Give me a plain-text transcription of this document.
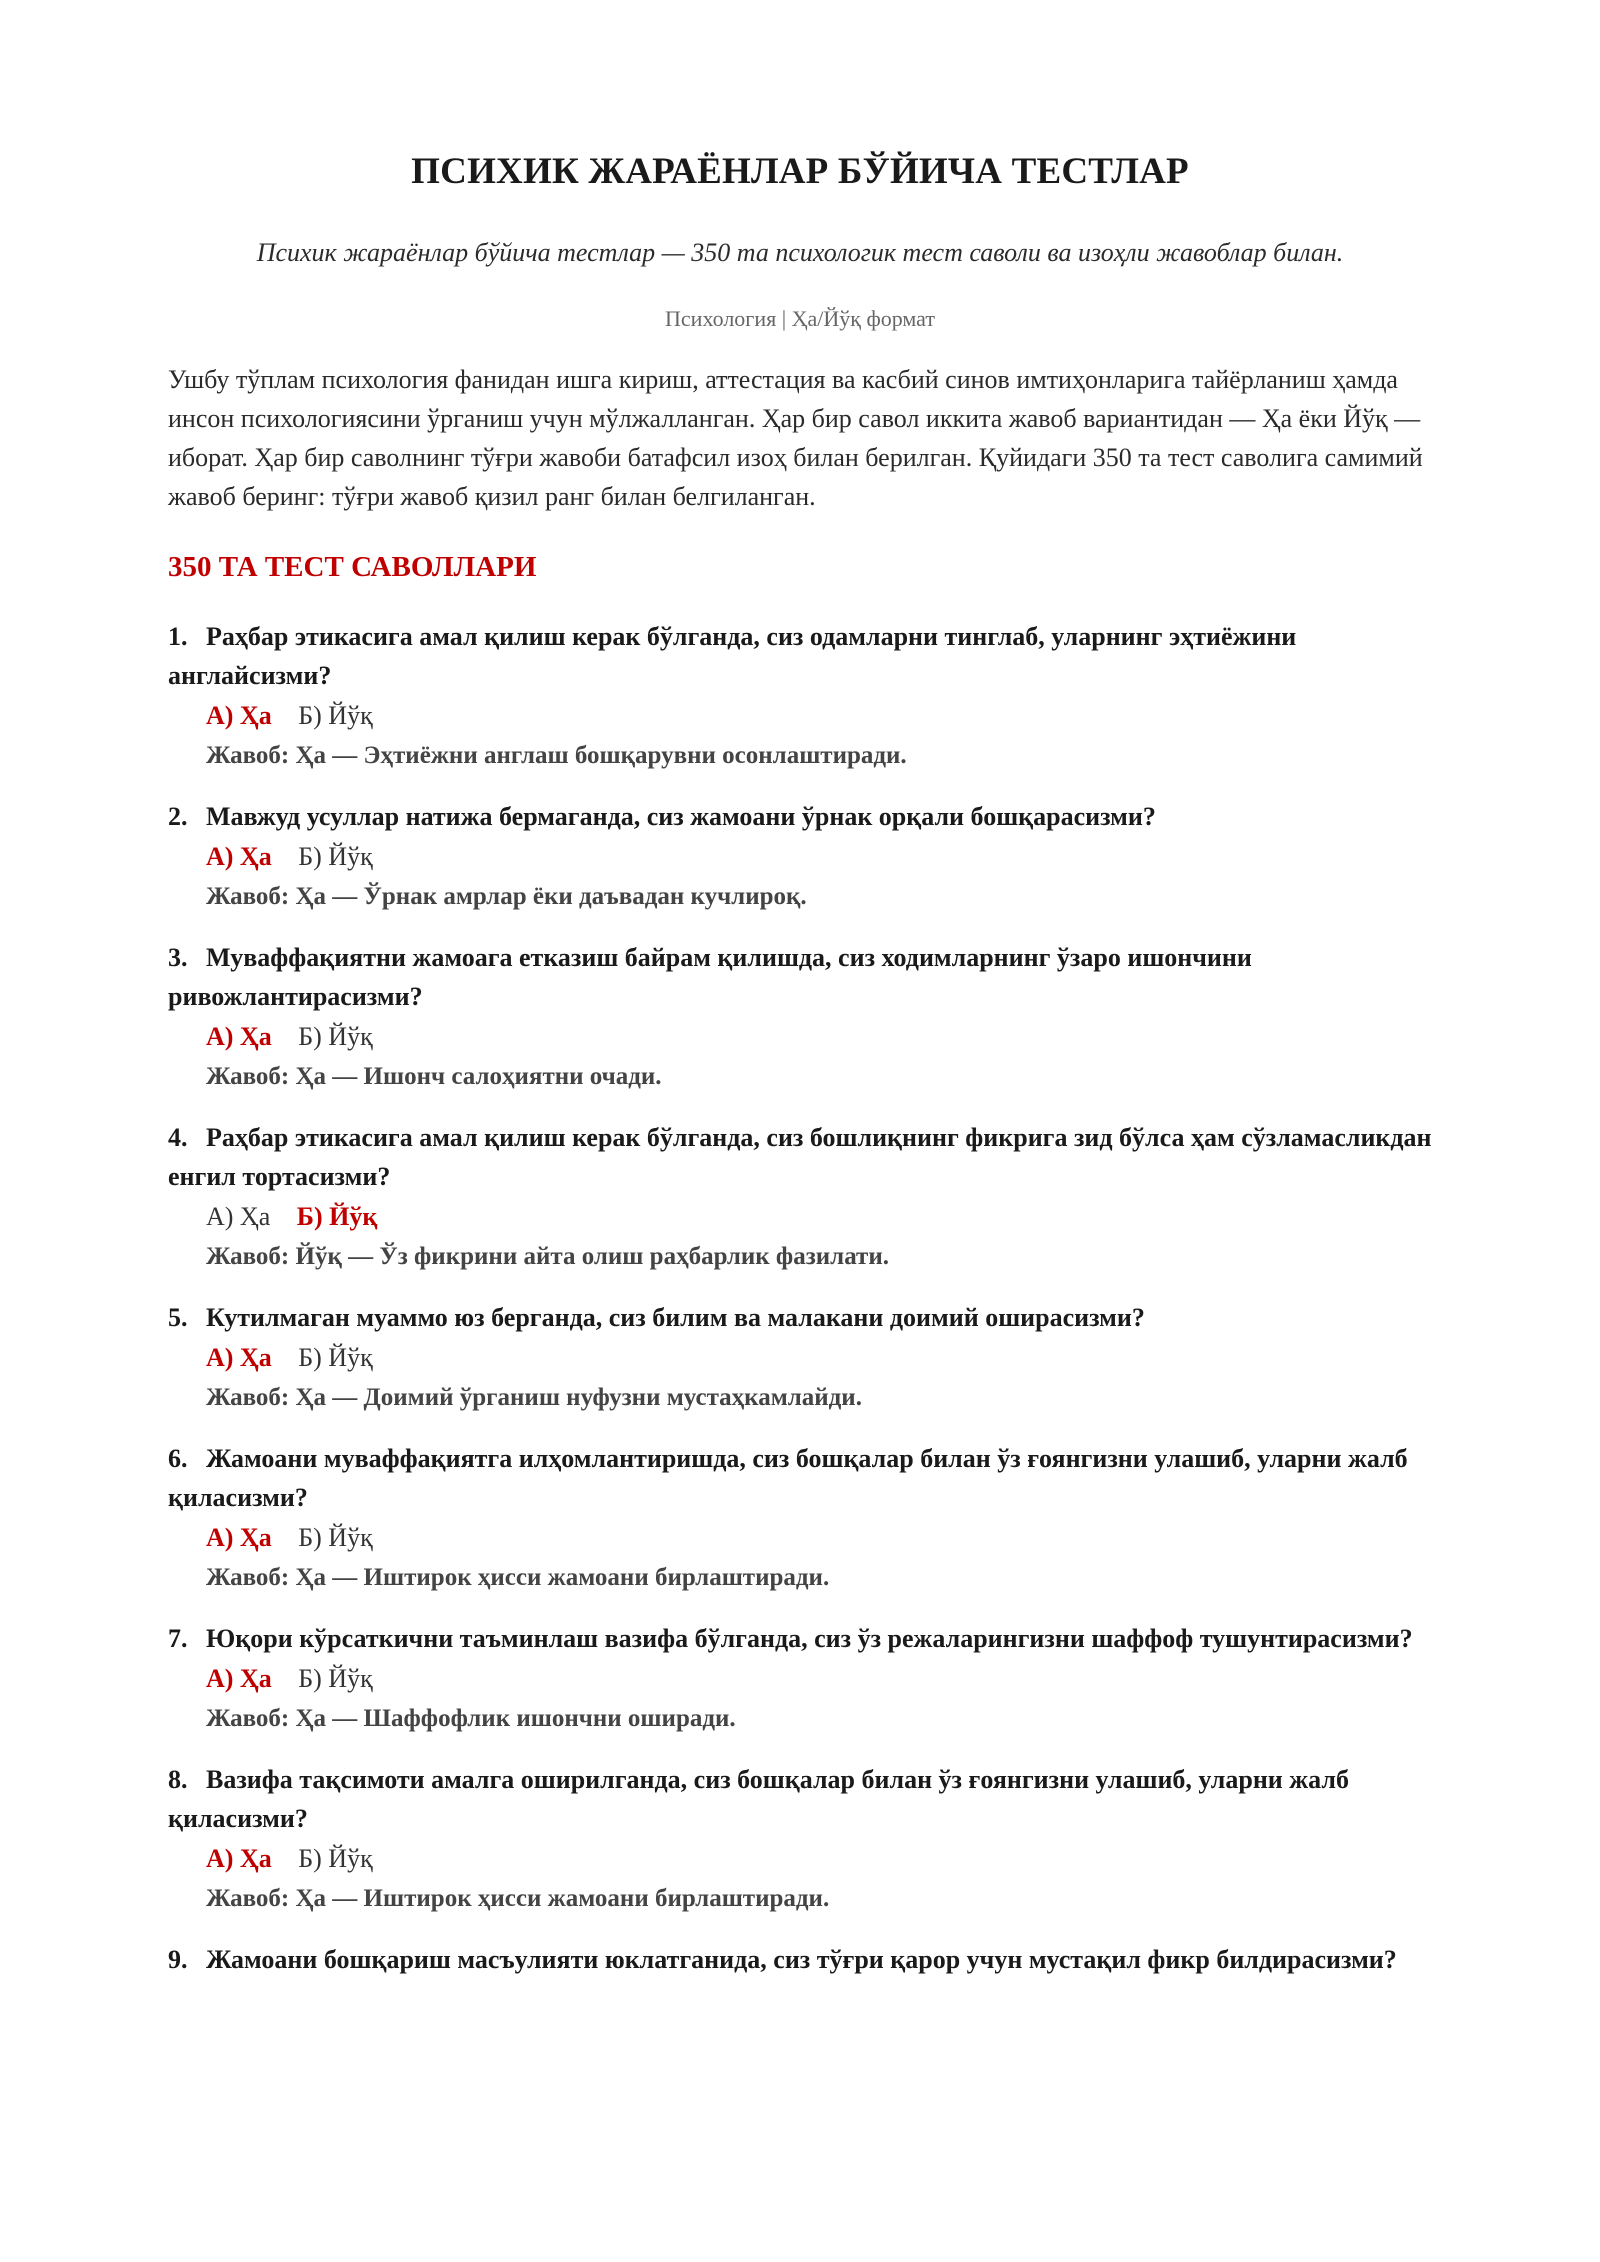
ПСИХИК ЖАРАЁНЛАР БЎЙИЧА ТЕСТЛАР

Психик жараёнлар бўйича тестлар — 350 та психологик тест саволи ва изоҳли жавоблар билан.

Психология | Ҳа/Йўқ формат

Ушбу тўплам психология фанидан ишга кириш, аттестация ва касбий синов имтиҳонларига тайёрланиш ҳамда инсон психологиясини ўрганиш учун мўлжалланган. Ҳар бир савол иккита жавоб вариантидан — Ҳа ёки Йўқ — иборат. Ҳар бир саволнинг тўғри жавоби батафсил изоҳ билан берилган. Қуйидаги 350 та тест саволига самимий жавоб беринг: тўғри жавоб қизил ранг билан белгиланган.

350 ТА ТЕСТ САВОЛЛАРИ
1. Раҳбар этикасига амал қилиш керак бўлганда, сиз одамларни тинглаб, уларнинг эҳтиёжини англайсизми?
А) Ҳа Б) Йўқ
Жавоб: Ҳа — Эҳтиёжни англаш бошқарувни осонлаштиради.
2. Мавжуд усуллар натижа бермаганда, сиз жамоани ўрнак орқали бошқарасизми?
А) Ҳа Б) Йўқ
Жавоб: Ҳа — Ўрнак амрлар ёки даъвадан кучлироқ.
3. Муваффақиятни жамоага етказиш байрам қилишда, сиз ходимларнинг ўзаро ишончини ривожлантирасизми?
А) Ҳа Б) Йўқ
Жавоб: Ҳа — Ишонч салоҳиятни очади.
4. Раҳбар этикасига амал қилиш керак бўлганда, сиз бошлиқнинг фикрига зид бўлса ҳам сўзламасликдан енгил тортасизми?
А) Ҳа Б) Йўқ
Жавоб: Йўқ — Ўз фикрини айта олиш раҳбарлик фазилати.
5. Кутилмаган муаммо юз берганда, сиз билим ва малакани доимий оширасизми?
А) Ҳа Б) Йўқ
Жавоб: Ҳа — Доимий ўрганиш нуфузни мустаҳкамлайди.
6. Жамоани муваффақиятга илҳомлантиришда, сиз бошқалар билан ўз ғоянгизни улашиб, уларни жалб қиласизми?
А) Ҳа Б) Йўқ
Жавоб: Ҳа — Иштирок ҳисси жамоани бирлаштиради.
7. Юқори кўрсаткични таъминлаш вазифа бўлганда, сиз ўз режаларингизни шаффоф тушунтирасизми?
А) Ҳа Б) Йўқ
Жавоб: Ҳа — Шаффофлик ишончни оширади.
8. Вазифа тақсимоти амалга оширилганда, сиз бошқалар билан ўз ғоянгизни улашиб, уларни жалб қиласизми?
А) Ҳа Б) Йўқ
Жавоб: Ҳа — Иштирок ҳисси жамоани бирлаштиради.
9. Жамоани бошқариш масъулияти юклатганида, сиз тўғри қарор учун мустақил фикр билдирасизми?
